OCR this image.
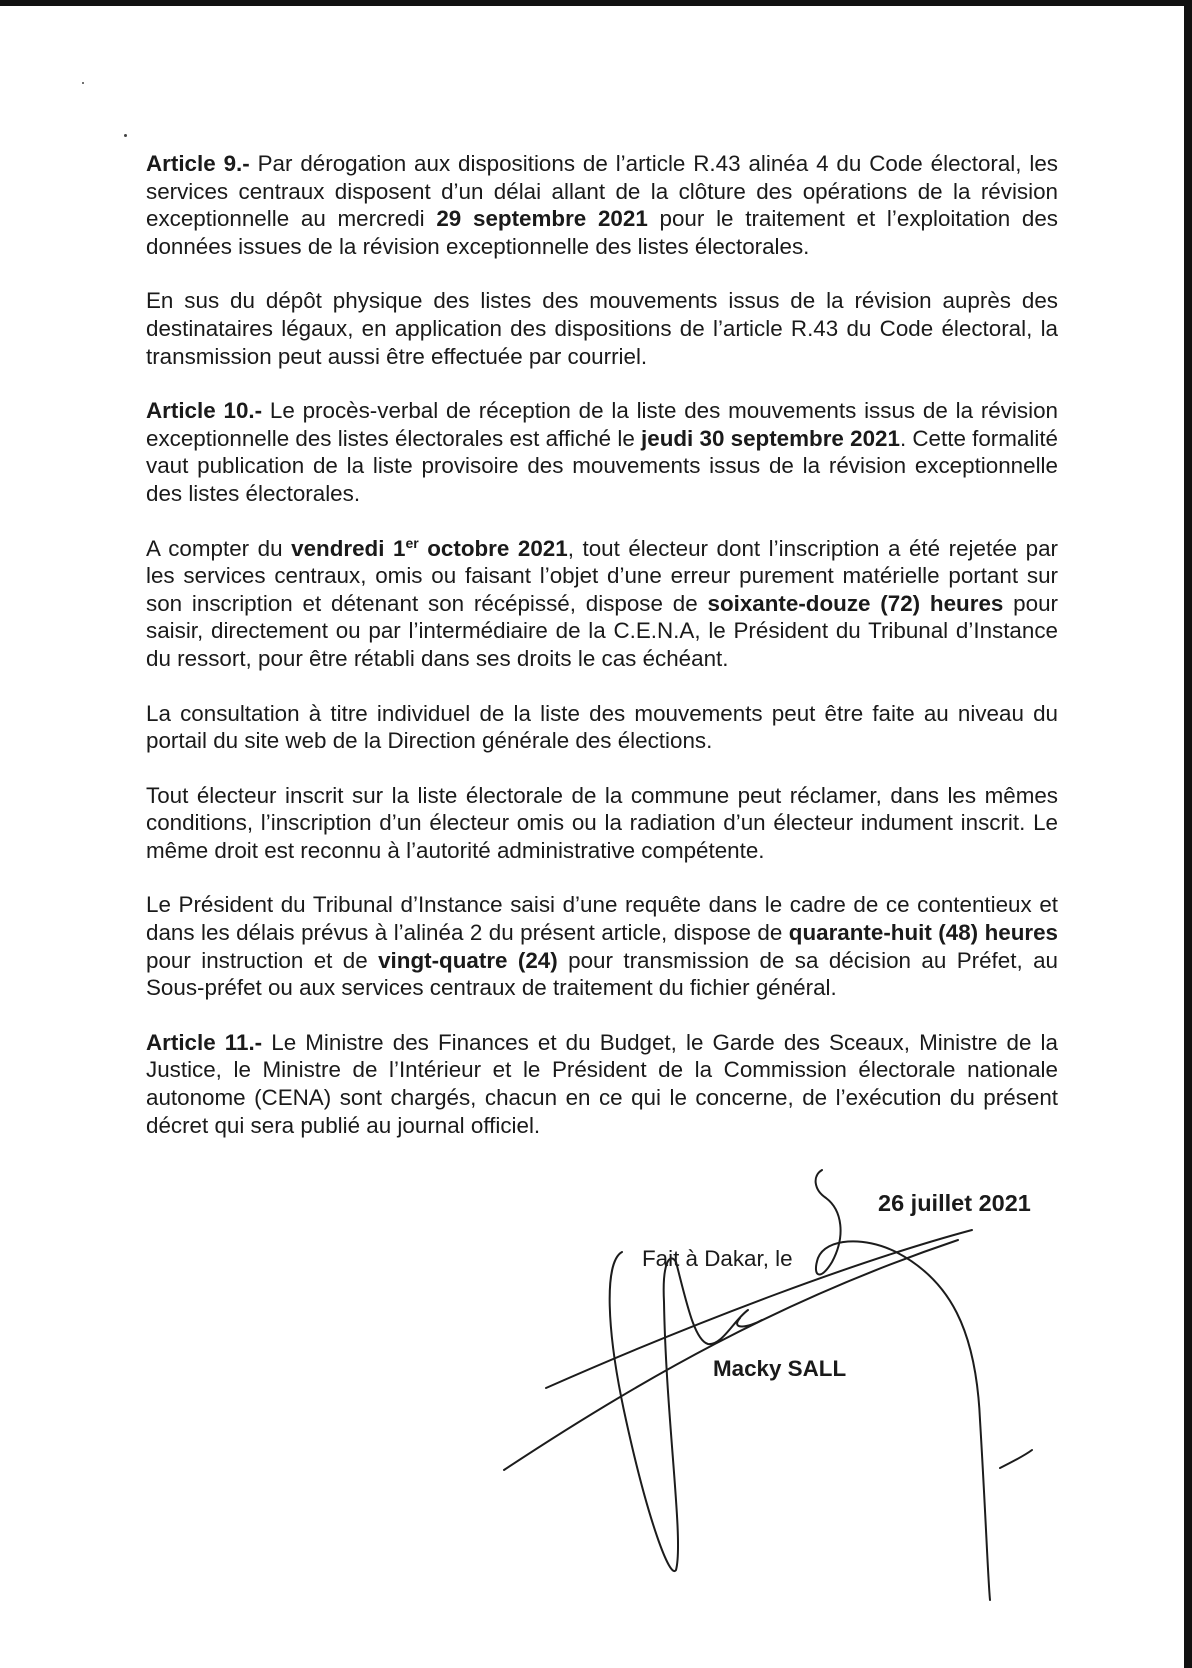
Article 9.- Par dérogation aux dispositions de l’article R.43 alinéa 4 du Code électoral, les services centraux disposent d’un délai allant de la clôture des opérations de la révision exceptionnelle au mercredi 29 septembre 2021 pour le traitement et l’exploitation des données issues de la révision exceptionnelle des listes électorales.

En sus du dépôt physique des listes des mouvements issus de la révision auprès des destinataires légaux, en application des dispositions de l’article R.43 du Code électoral, la transmission peut aussi être effectuée par courriel.

Article 10.- Le procès-verbal de réception de la liste des mouvements issus de la révision exceptionnelle des listes électorales est affiché le jeudi 30 septembre 2021. Cette formalité vaut publication de la liste provisoire des mouvements issus de la révision exceptionnelle des listes électorales.

A compter du vendredi 1er octobre 2021, tout électeur dont l’inscription a été rejetée par les services centraux, omis ou faisant l’objet d’une erreur purement matérielle portant sur son inscription et détenant son récépissé, dispose de soixante-douze (72) heures pour saisir, directement ou par l’intermédiaire de la C.E.N.A, le Président du Tribunal d’Instance du ressort, pour être rétabli dans ses droits le cas échéant.

La consultation à titre individuel de la liste des mouvements peut être faite au niveau du portail du site web de la Direction générale des élections.

Tout électeur inscrit sur la liste électorale de la commune peut réclamer, dans les mêmes conditions, l’inscription d’un électeur omis ou la radiation d’un électeur indument inscrit. Le même droit est reconnu à l’autorité administrative compétente.

Le Président du Tribunal d’Instance saisi d’une requête dans le cadre de ce contentieux et dans les délais prévus à l’alinéa 2 du présent article, dispose de quarante-huit (48) heures pour instruction et de vingt-quatre (24) pour transmission de sa décision au Préfet, au Sous-préfet ou aux services centraux de traitement du fichier général.

Article 11.- Le Ministre des Finances et du Budget, le Garde des Sceaux, Ministre de la Justice, le Ministre de l’Intérieur et le Président de la Commission électorale nationale autonome (CENA) sont chargés, chacun en ce qui le concerne, de l’exécution du présent décret qui sera publié au journal officiel.

26 juillet 2021
Fait à Dakar, le
Macky SALL
